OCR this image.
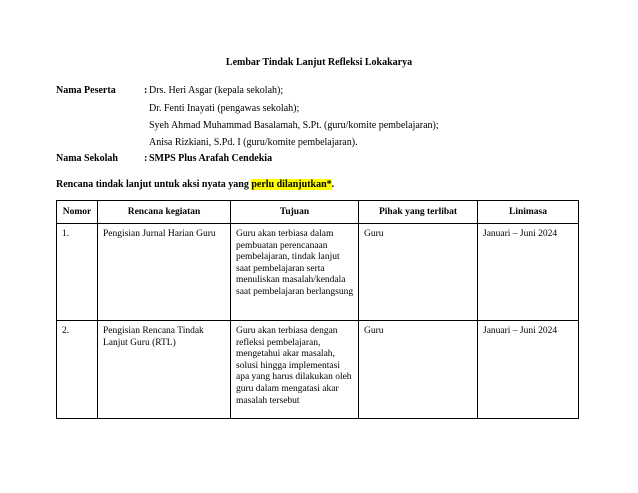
Lembar Tindak Lanjut Refleksi Lokakarya
Nama Peserta	: Drs. Heri Asgar (kepala sekolah);
Dr. Fenti Inayati (pengawas sekolah);
Syeh Ahmad Muhammad Basalamah, S.Pt. (guru/komite pembelajaran);
Anisa Rizkiani, S.Pd. I (guru/komite pembelajaran).
Nama Sekolah	: SMPS Plus Arafah Cendekia
Rencana tindak lanjut untuk aksi nyata yang perlu dilanjutkan*.
Nomor	Rencana kegiatan	Tujuan	Pihak yang terlibat	Linimasa
1.	Pengisian Jurnal Harian Guru	Guru akan terbiasa dalam pembuatan perencanaan pembelajaran, tindak lanjut saat pembelajaran serta menuliskan masalah/kendala saat pembelajaran berlangsung	Guru	Januari – Juni 2024
2.	Pengisian Rencana Tindak Lanjut Guru (RTL)	Guru akan terbiasa dengan refleksi pembelajaran, mengetahui akar masalah, solusi hingga implementasi apa yang harus dilakukan oleh guru dalam mengatasi akar masalah tersebut	Guru	Januari – Juni 2024
